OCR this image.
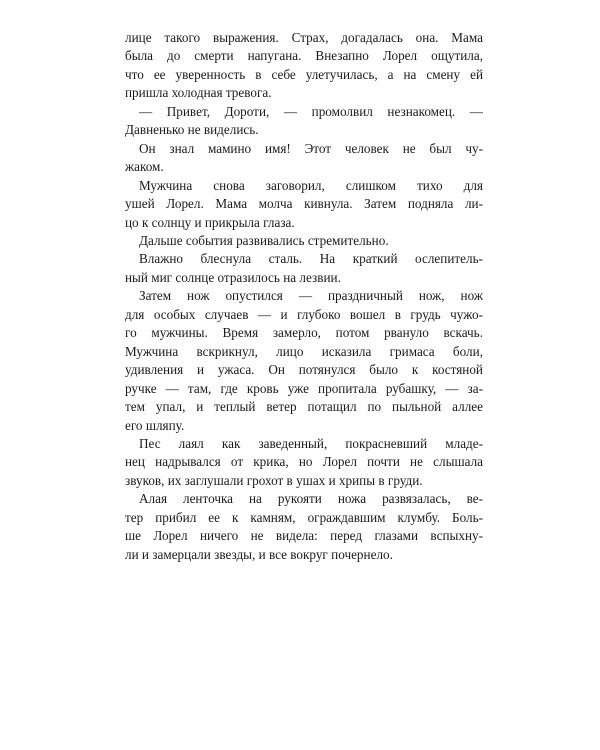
лице такого выражения. Страх, догадалась она. Мама
была до смерти напугана. Внезапно Лорел ощутила,
что ее уверенность в себе улетучилась, а на смену ей
пришла холодная тревога.

— Привет, Дороти, — промолвил незнакомец. —
Давненько не виделись.

Он знал мамино имя! Этот человек не был чу-
жаком.

Мужчина снова заговорил, слишком тихо для
ушей Лорел. Мама молча кивнула. Затем подняла ли-
цо к солнцу и прикрыла глаза.

Дальше события развивались стремительно.

Влажно блеснула сталь. На краткий ослепитель-
ный миг солнце отразилось на лезвии.

Затем нож опустился — праздничный нож, нож
для особых случаев — и глубоко вошел в грудь чужо-
го мужчины. Время замерло, потом рвануло вскачь.
Мужчина вскрикнул, лицо исказила гримаса боли,
удивления и ужаса. Он потянулся было к костяной
ручке — там, где кровь уже пропитала рубашку, — за-
тем упал, и теплый ветер потащил по пыльной аллее
его шляпу.

Пес лаял как заведенный, покрасневший младе-
нец надрывался от крика, но Лорел почти не слышала
звуков, их заглушали грохот в ушах и хрипы в груди.

Алая ленточка на рукояти ножа развязалась, ве-
тер прибил ее к камням, ограждавшим клумбу. Боль-
ше Лорел ничего не видела: перед глазами вспыхну-
ли и замерцали звезды, и все вокруг почернело.
